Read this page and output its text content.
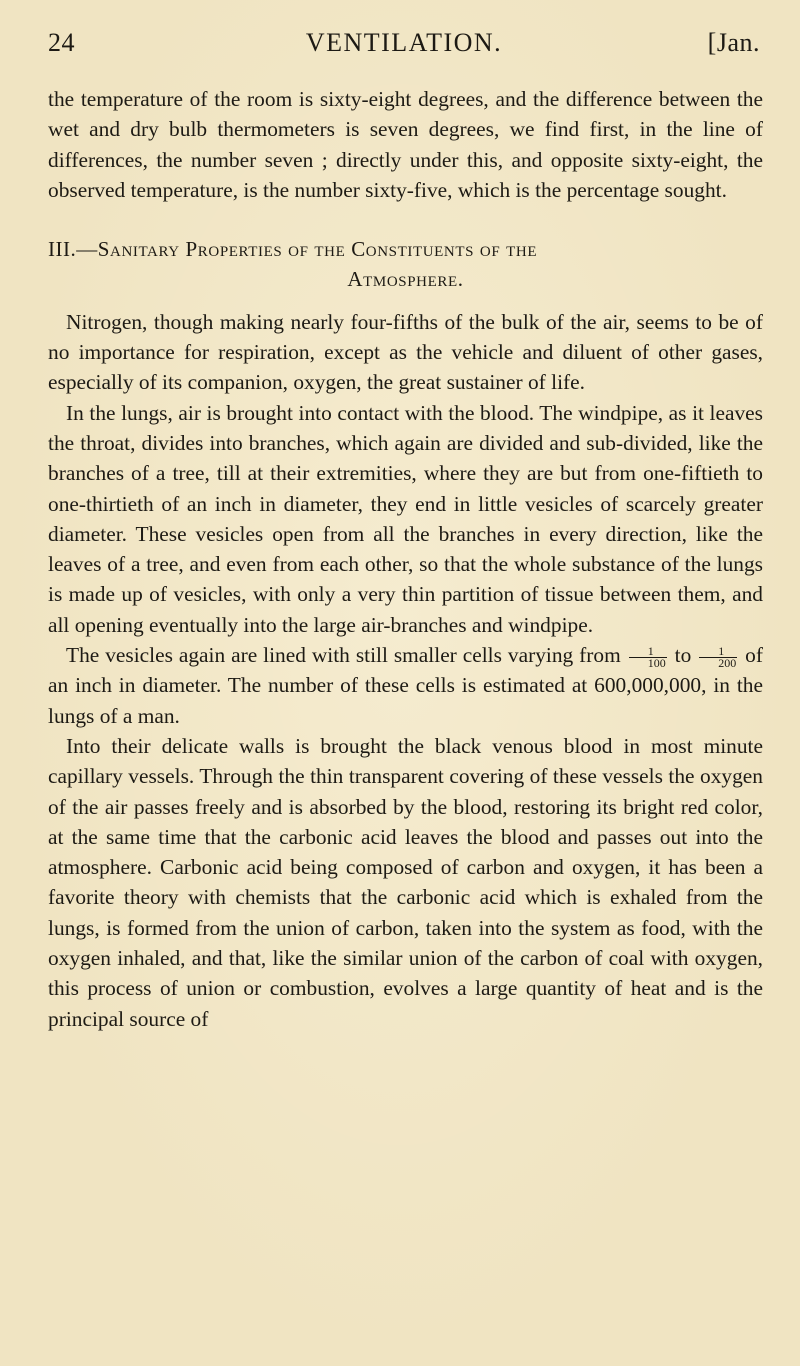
24	VENTILATION.	[Jan.

the temperature of the room is sixty-eight degrees, and the difference between the wet and dry bulb thermometers is seven degrees, we find first, in the line of differences, the number seven ; directly under this, and opposite sixty-eight, the observed temperature, is the number sixty-five, which is the percentage sought.

III.—Sanitary Properties of the Constituents of the
Atmosphere.

Nitrogen, though making nearly four-fifths of the bulk of the air, seems to be of no importance for respiration, except as the vehicle and diluent of other gases, especially of its companion, oxygen, the great sustainer of life.

In the lungs, air is brought into contact with the blood. The windpipe, as it leaves the throat, divides into branches, which again are divided and sub-divided, like the branches of a tree, till at their extremities, where they are but from one-fiftieth to one-thirtieth of an inch in diameter, they end in little vesicles of scarcely greater diameter. These vesicles open from all the branches in every direction, like the leaves of a tree, and even from each other, so that the whole substance of the lungs is made up of vesicles, with only a very thin partition of tissue between them, and all opening eventually into the large air-branches and windpipe.

The vesicles again are lined with still smaller cells varying from $\frac{1}{100}$ to $\frac{1}{200}$ of an inch in diameter. The number of these cells is estimated at 600,000,000, in the lungs of a man.

Into their delicate walls is brought the black venous blood in most minute capillary vessels. Through the thin transparent covering of these vessels the oxygen of the air passes freely and is absorbed by the blood, restoring its bright red color, at the same time that the carbonic acid leaves the blood and passes out into the atmosphere. Carbonic acid being composed of carbon and oxygen, it has been a favorite theory with chemists that the carbonic acid which is exhaled from the lungs, is formed from the union of carbon, taken into the system as food, with the oxygen inhaled, and that, like the similar union of the carbon of coal with oxygen, this process of union or combustion, evolves a large quantity of heat and is the principal source of
